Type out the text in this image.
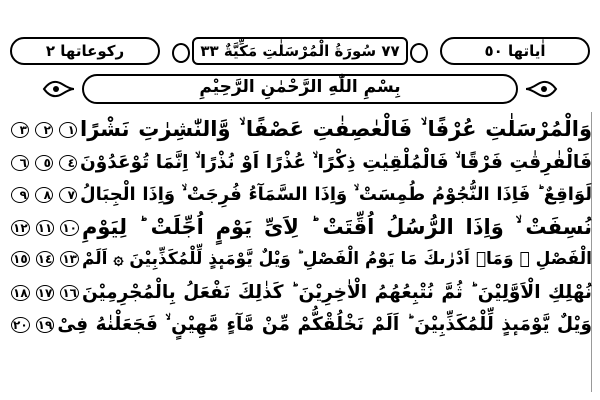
رکوعاتها ٢	٧٧ سُورَةُ الْمُرْسَلٰتِ مَكِّيَّةٌ ٣٣	اٰیاتها ٥٠
بِسْمِ اللّٰهِ الرَّحْمٰنِ الرَّحِیْمِ
وَالْمُرْسَلٰتِ عُرْفًا ۙ فَالْعٰصِفٰتِ عَصْفًا ۙ وَّالنّٰشِرٰتِ نَشْرًا١٢٣
فَالْفٰرِقٰتِ فَرْقًا ۙ فَالْمُلْقِیٰتِ ذِكْرًا ۙ عُذْرًا اَوْ نُذْرًا ۙ اِنَّمَا تُوْعَدُوْنَ٤٥٦
لَوَاقِعٌ ؕ فَاِذَا النُّجُوْمُ طُمِسَتْ ۙ وَاِذَا السَّمَآءُ فُرِجَتْ ۙ وَاِذَا الْجِبَالُ٧٨٩
نُسِفَتْ ۙ وَاِذَا الرُّسُلُ اُقِّتَتْ ؕ لِاَیِّ یَوْمٍ اُجِّلَتْ ؕ لِیَوْمِ١٠١١١٢
الْفَصْلِ ۚ وَمَاۤ اَدْرٰىكَ مَا یَوْمُ الْفَصْلِ ؕ وَیْلٌ یَّوْمَىٕذٍ لِّلْمُكَذِّبِیْنَ ۞ اَلَمْ١٣١٤١٥
نُهْلِكِ الْاَوَّلِیْنَ ؕ ثُمَّ نُتْبِعُهُمُ الْاٰخِرِیْنَ ؕ كَذٰلِكَ نَفْعَلُ بِالْمُجْرِمِیْنَ١٦١٧١٨
وَیْلٌ یَّوْمَىٕذٍ لِّلْمُكَذِّبِیْنَ ؕ اَلَمْ نَخْلُقْكُّمْ مِّنْ مَّآءٍ مَّهِیْنٍ ۙ فَجَعَلْنٰهُ فِیْ١٩٢٠
